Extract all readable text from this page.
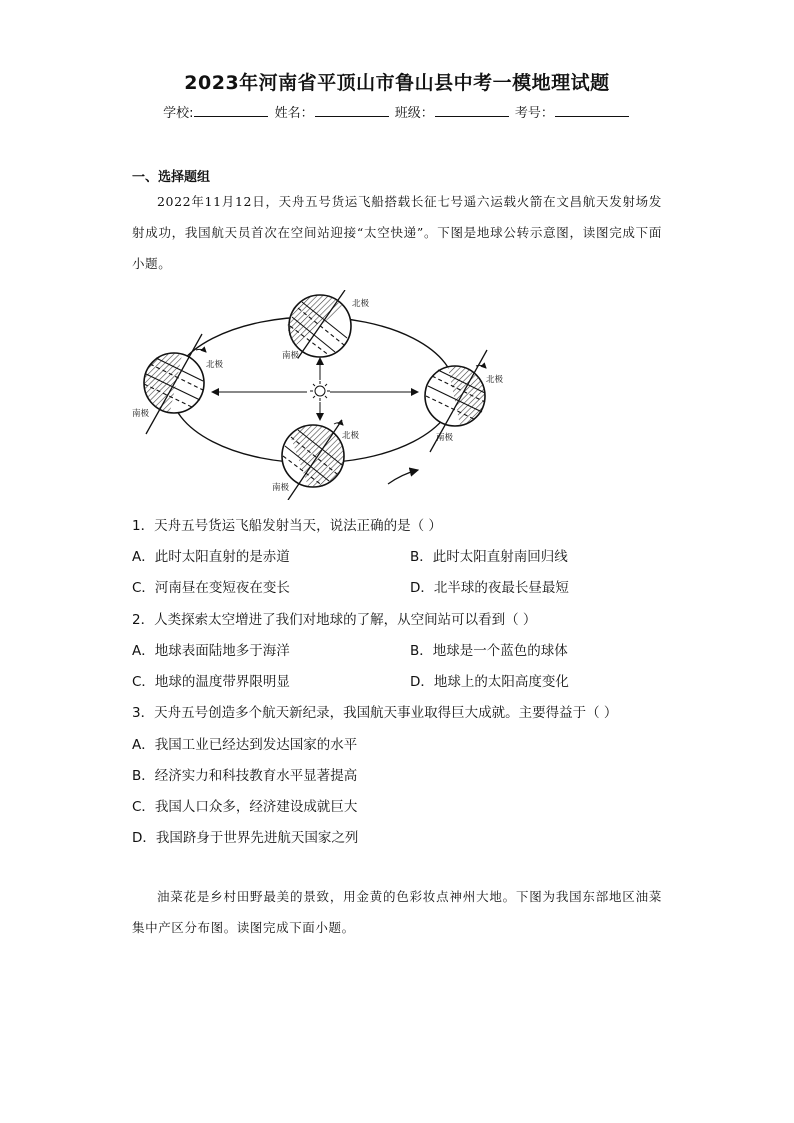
2023年河南省平顶山市鲁山县中考一模地理试题
学校:	姓名：	班级：	考号：
一、选择题组
2022年11月12日，天舟五号货运飞船搭载长征七号遥六运载火箭在文昌航天发射场发射成功，我国航天员首次在空间站迎接“太空快递”。下图是地球公转示意图，读图完成下面小题。
北极
南极
北极
南极
北极
南极
北极
南极
1．天舟五号货运飞船发射当天，说法正确的是（ ）
A．此时太阳直射的是赤道	B．此时太阳直射南回归线
C．河南昼在变短夜在变长	D．北半球的夜最长昼最短
2．人类探索太空增进了我们对地球的了解，从空间站可以看到（ ）
A．地球表面陆地多于海洋	B．地球是一个蓝色的球体
C．地球的温度带界限明显	D．地球上的太阳高度变化
3．天舟五号创造多个航天新纪录，我国航天事业取得巨大成就。主要得益于（ ）
A．我国工业已经达到发达国家的水平
B．经济实力和科技教育水平显著提高
C．我国人口众多，经济建设成就巨大
D．我国跻身于世界先进航天国家之列
油菜花是乡村田野最美的景致，用金黄的色彩妆点神州大地。下图为我国东部地区油菜集中产区分布图。读图完成下面小题。
